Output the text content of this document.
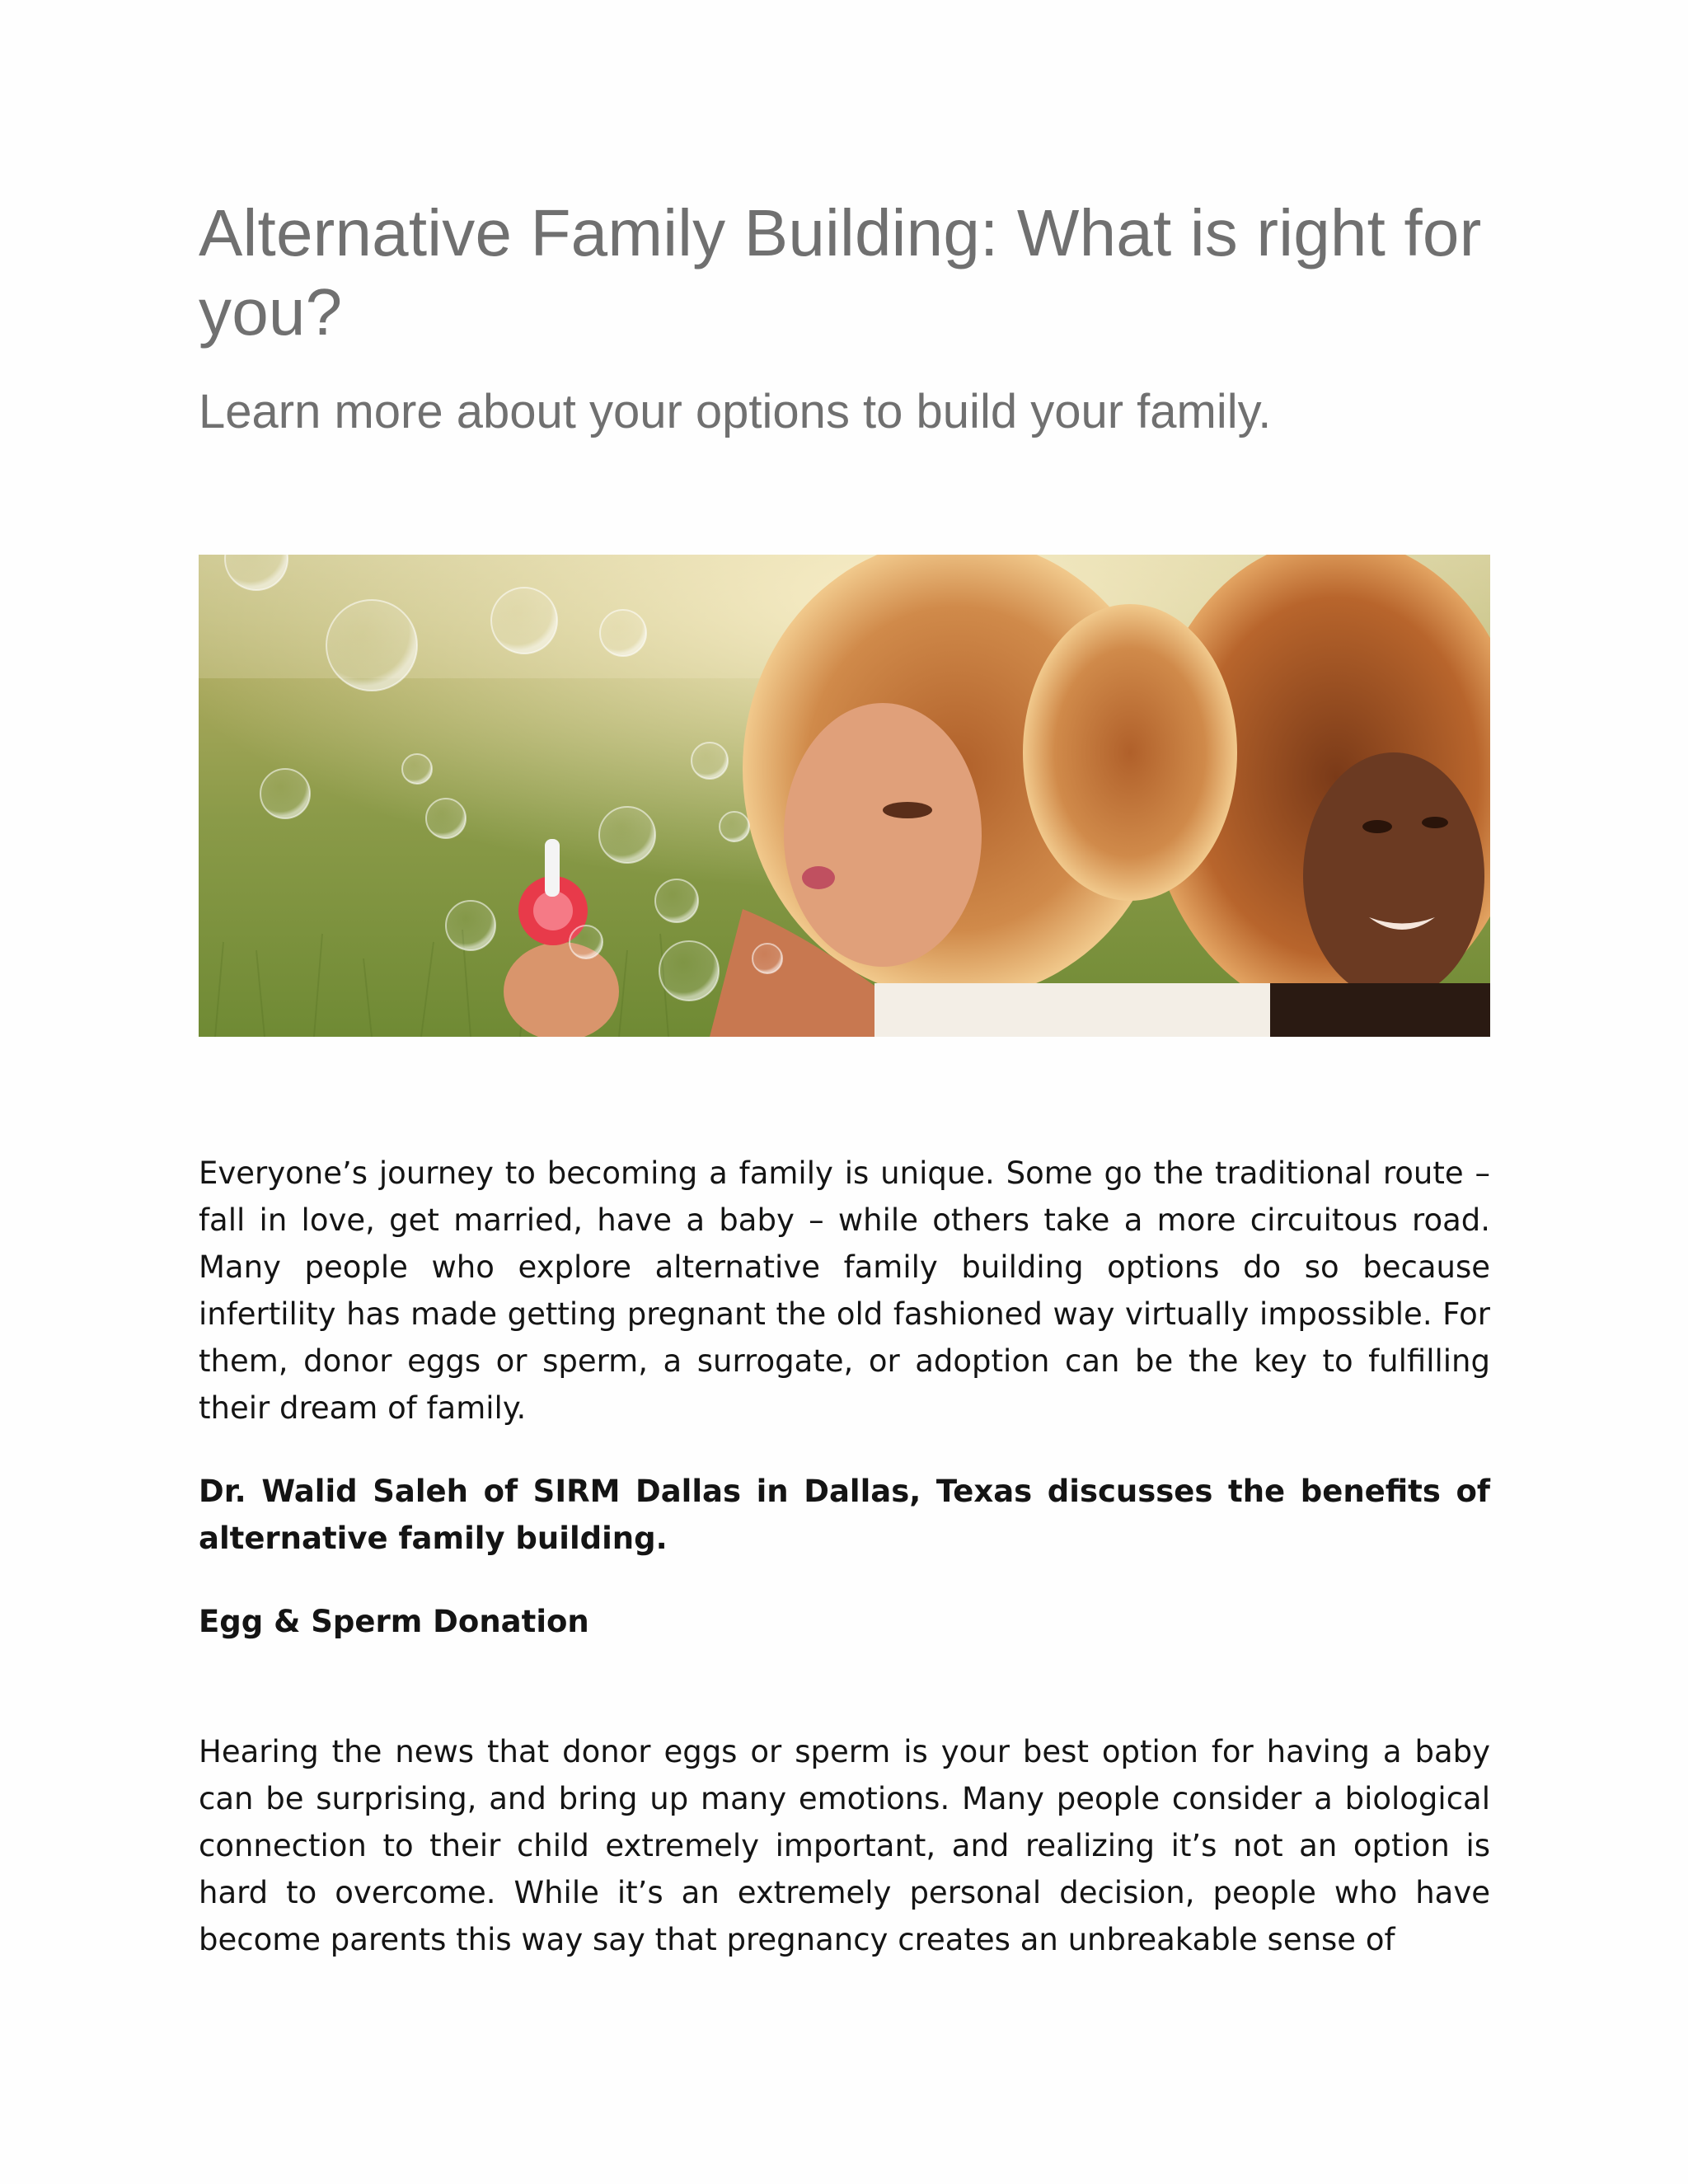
Alternative Family Building: What is right for you?
Learn more about your options to build your family.

Everyone’s journey to becoming a family is unique. Some go the traditional route – fall in love, get married, have a baby – while others take a more circuitous road. Many people who explore alternative family building options do so because infertility has made getting pregnant the old fashioned way virtually impossible. For them, donor eggs or sperm, a surrogate, or adoption can be the key to fulfilling their dream of family.

Dr. Walid Saleh of SIRM Dallas in Dallas, Texas discusses the benefits of alternative family building.

Egg & Sperm Donation

Hearing the news that donor eggs or sperm is your best option for having a baby can be surprising, and bring up many emotions. Many people consider a biological connection to their child extremely important, and realizing it’s not an option is hard to overcome. While it’s an extremely personal decision, people who have become parents this way say that pregnancy creates an unbreakable sense of
